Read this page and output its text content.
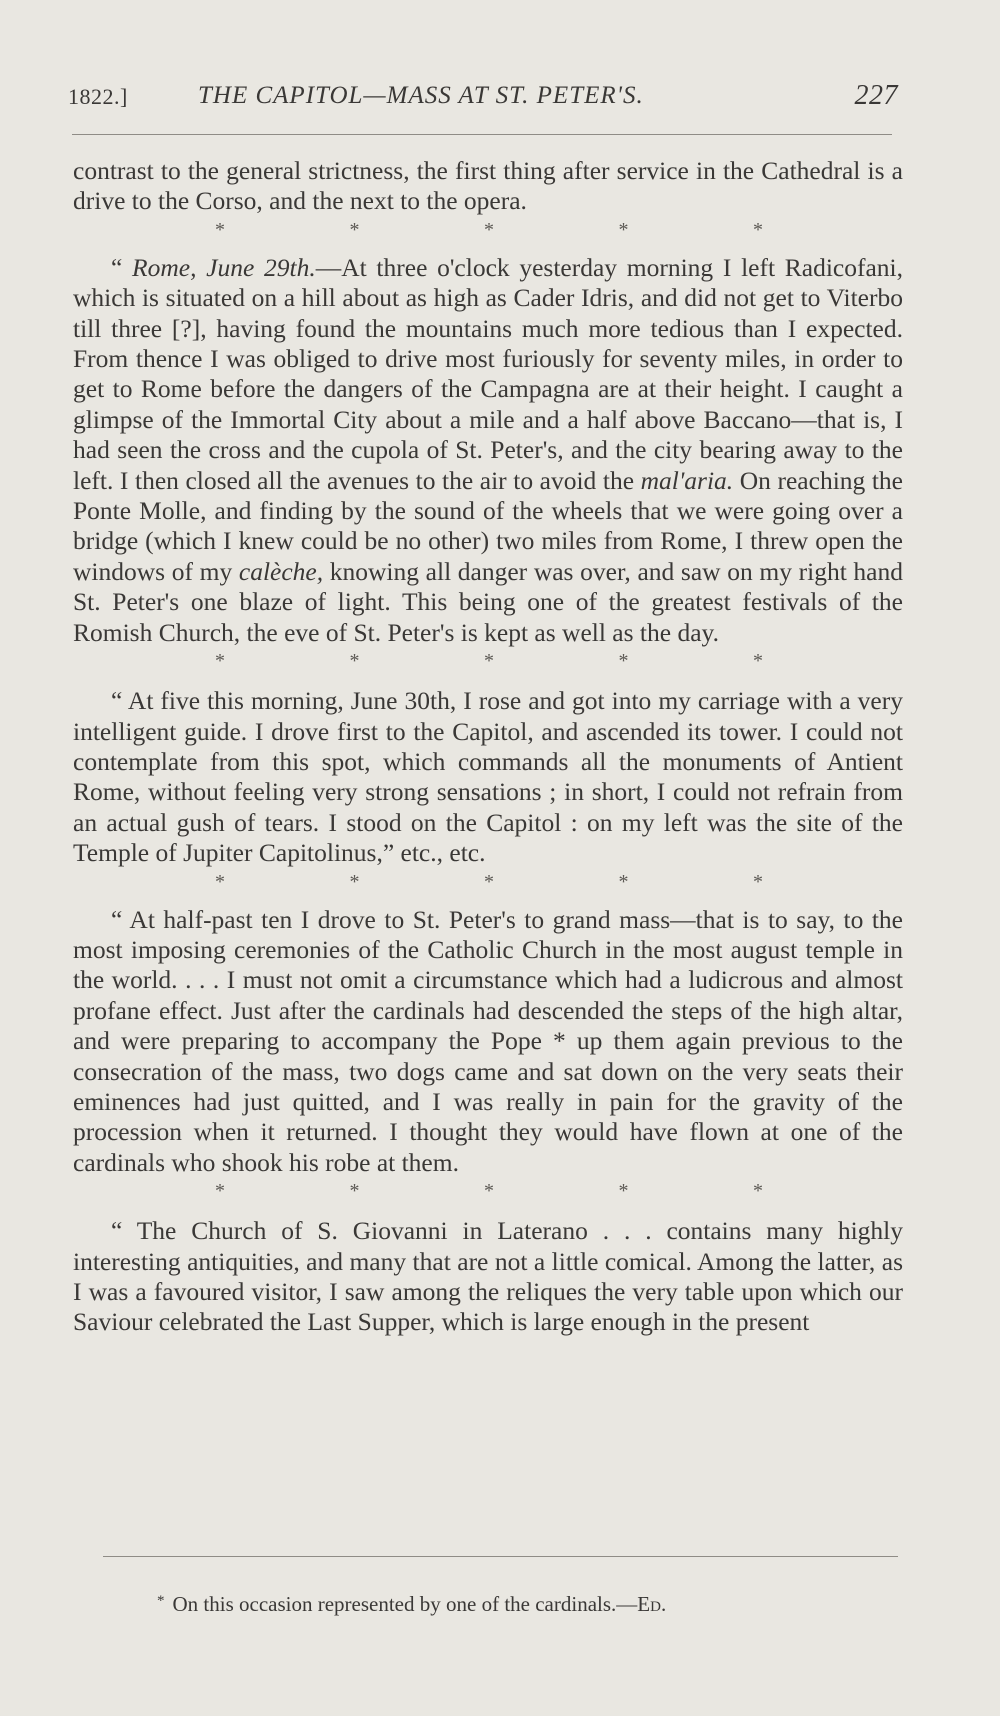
1822.]	THE CAPITOL—MASS AT ST. PETER'S.	227

contrast to the general strictness, the first thing after service in the Cathedral is a drive to the Corso, and the next to the opera.

*	*	*	*	*

“ Rome, June 29th.—At three o'clock yesterday morning I left Radicofani, which is situated on a hill about as high as Cader Idris, and did not get to Viterbo till three [?], having found the mountains much more tedious than I expected. From thence I was obliged to drive most furiously for seventy miles, in order to get to Rome before the dangers of the Campagna are at their height. I caught a glimpse of the Immortal City about a mile and a half above Baccano—that is, I had seen the cross and the cupola of St. Peter's, and the city bearing away to the left. I then closed all the avenues to the air to avoid the mal'aria. On reaching the Ponte Molle, and finding by the sound of the wheels that we were going over a bridge (which I knew could be no other) two miles from Rome, I threw open the windows of my calèche, knowing all danger was over, and saw on my right hand St. Peter's one blaze of light. This being one of the greatest festivals of the Romish Church, the eve of St. Peter's is kept as well as the day.

*	*	*	*	*

“ At five this morning, June 30th, I rose and got into my carriage with a very intelligent guide. I drove first to the Capitol, and ascended its tower. I could not contemplate from this spot, which commands all the monuments of Antient Rome, without feeling very strong sensations ; in short, I could not refrain from an actual gush of tears. I stood on the Capitol : on my left was the site of the Temple of Jupiter Capitolinus,” etc., etc.

*	*	*	*	*

“ At half-past ten I drove to St. Peter's to grand mass—that is to say, to the most imposing ceremonies of the Catholic Church in the most august temple in the world. . . . I must not omit a circumstance which had a ludicrous and almost profane effect. Just after the cardinals had descended the steps of the high altar, and were preparing to accompany the Pope * up them again previous to the consecration of the mass, two dogs came and sat down on the very seats their eminences had just quitted, and I was really in pain for the gravity of the procession when it returned. I thought they would have flown at one of the cardinals who shook his robe at them.

*	*	*	*	*

“ The Church of S. Giovanni in Laterano . . . contains many highly interesting antiquities, and many that are not a little comical. Among the latter, as I was a favoured visitor, I saw among the reliques the very table upon which our Saviour celebrated the Last Supper, which is large enough in the present

* On this occasion represented by one of the cardinals.—Ed.
